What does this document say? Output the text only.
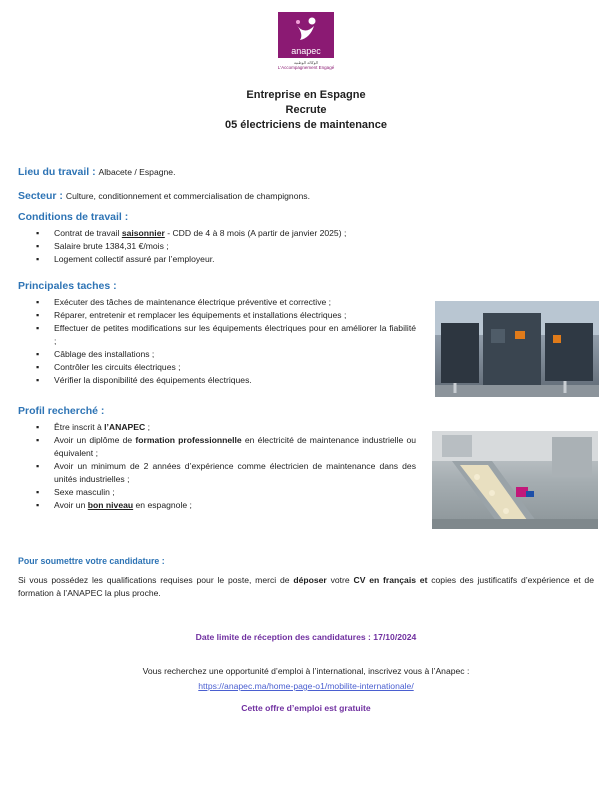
anapec
الوكالة الوطنية
L'Accompagnement Engagé
Entreprise en Espagne
Recrute
05 électriciens de maintenance
Lieu du travail : Albacete / Espagne.
Secteur : Culture, conditionnement et commercialisation de champignons.
Conditions de travail :
▪ Contrat de travail saisonnier - CDD de 4 à 8 mois (A partir de janvier 2025) ;
▪ Salaire brute 1384,31 €/mois ;
▪ Logement collectif assuré par l’employeur.
Principales taches :
▪ Exécuter des tâches de maintenance électrique préventive et corrective ;
▪ Réparer, entretenir et remplacer les équipements et installations électriques ;
▪ Effectuer de petites modifications sur les équipements électriques pour en améliorer la fiabilité ;
▪ Câblage des installations ;
▪ Contrôler les circuits électriques ;
▪ Vérifier la disponibilité des équipements électriques.
Profil recherché :
▪ Être inscrit à l’ANAPEC ;
▪ Avoir un diplôme de formation professionnelle en électricité de maintenance industrielle ou équivalent ;
▪ Avoir un minimum de 2 années d’expérience comme électricien de maintenance dans des unités industrielles ;
▪ Sexe masculin ;
▪ Avoir un bon niveau en espagnole ;
Pour soumettre votre candidature :
Si vous possédez les qualifications requises pour le poste, merci de déposer votre CV en français et copies des justificatifs d’expérience et de formation à l’ANAPEC la plus proche.
Date limite de réception des candidatures : 17/10/2024
Vous recherchez une opportunité d’emploi à l’international, inscrivez vous à l’Anapec :
https://anapec.ma/home-page-o1/mobilite-internationale/
Cette offre d’emploi est gratuite
